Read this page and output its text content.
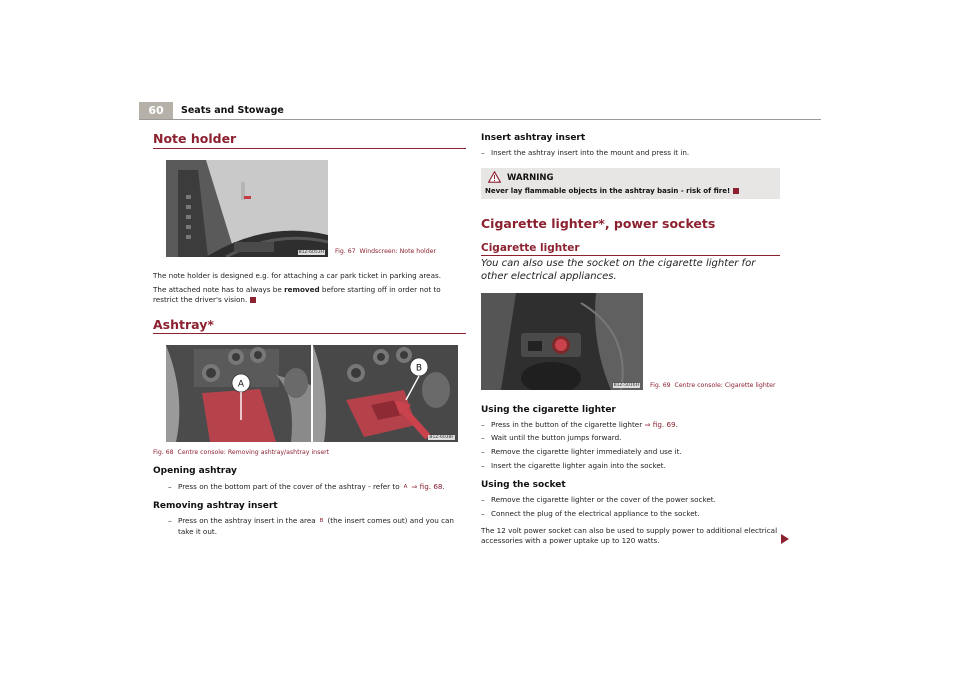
60	Seats and Stowage
Note holder
B1Z-6053H Fig. 67 Windscreen: Note holder
The note holder is designed e.g. for attaching a car park ticket in parking areas.
The attached note has to always be removed before starting off in order not to restrict the driver's vision.
Ashtray*
A
B
B1Z-6038F
Fig. 68 Centre console: Removing ashtray/ashtray insert
Opening ashtray
– Press on the bottom part of the cover of the ashtray - refer to A ⇒ fig. 68.
Removing ashtray insert
– Press on the ashtray insert in the area B (the insert comes out) and you can take it out.
Insert ashtray insert
– Insert the ashtray insert into the mount and press it in.
WARNING
Never lay flammable objects in the ashtray basin - risk of fire!
Cigarette lighter*, power sockets
Cigarette lighter
You can also use the socket on the cigarette lighter for other electrical appliances.
B1Z-5016H Fig. 69 Centre console: Cigarette lighter
Using the cigarette lighter
– Press in the button of the cigarette lighter ⇒ fig. 69.
– Wait until the button jumps forward.
– Remove the cigarette lighter immediately and use it.
– Insert the cigarette lighter again into the socket.
Using the socket
– Remove the cigarette lighter or the cover of the power socket.
– Connect the plug of the electrical appliance to the socket.
The 12 volt power socket can also be used to supply power to additional electrical accessories with a power uptake up to 120 watts.
